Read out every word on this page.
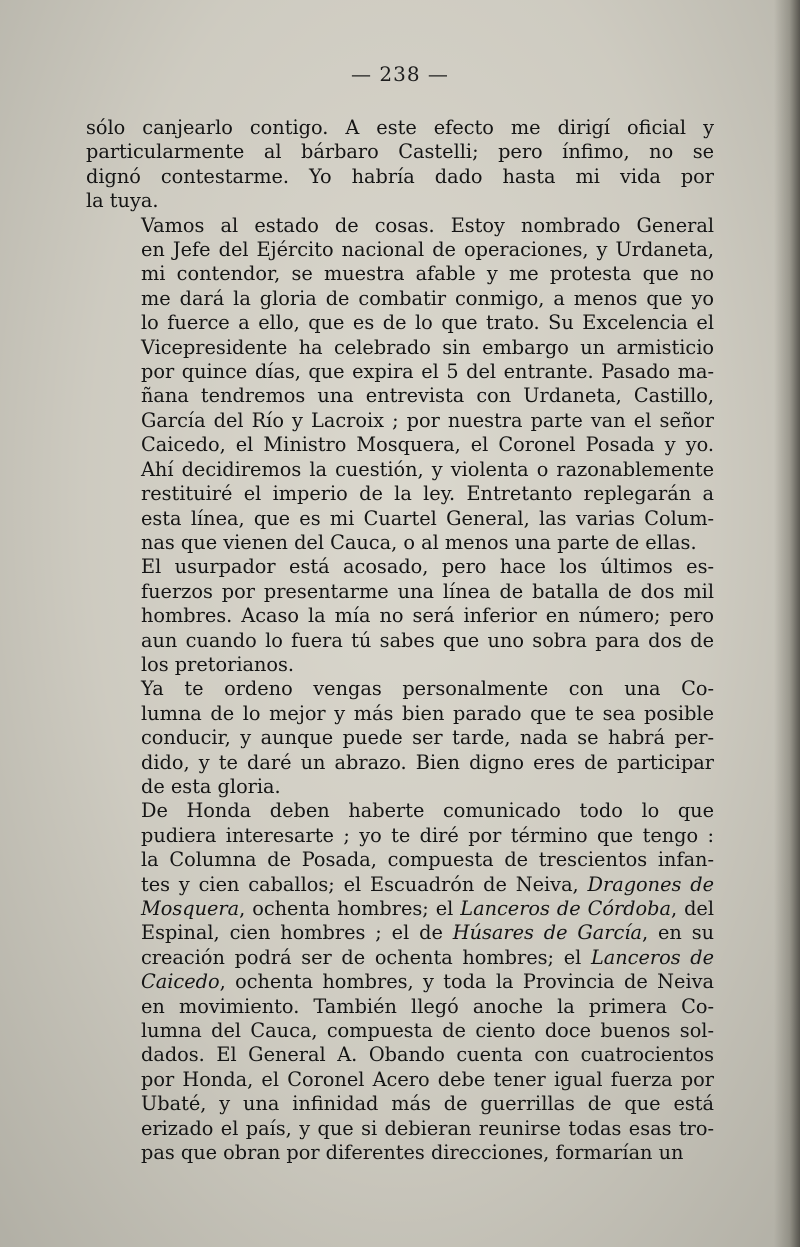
— 238 —

sólo canjearlo contigo. A este efecto me dirigí oficial y
particularmente al bárbaro Castelli; pero ínfimo, no se
dignó contestarme. Yo habría dado hasta mi vida por
la tuya.

Vamos al estado de cosas. Estoy nombrado General
en Jefe del Ejército nacional de operaciones, y Urdaneta,
mi contendor, se muestra afable y me protesta que no
me dará la gloria de combatir conmigo, a menos que yo
lo fuerce a ello, que es de lo que trato. Su Excelencia el
Vicepresidente ha celebrado sin embargo un armisticio
por quince días, que expira el 5 del entrante. Pasado ma-
ñana tendremos una entrevista con Urdaneta, Castillo,
García del Río y Lacroix ; por nuestra parte van el señor
Caicedo, el Ministro Mosquera, el Coronel Posada y yo.
Ahí decidiremos la cuestión, y violenta o razonablemente
restituiré el imperio de la ley. Entretanto replegarán a
esta línea, que es mi Cuartel General, las varias Colum-
nas que vienen del Cauca, o al menos una parte de ellas.

El usurpador está acosado, pero hace los últimos es-
fuerzos por presentarme una línea de batalla de dos mil
hombres. Acaso la mía no será inferior en número; pero
aun cuando lo fuera tú sabes que uno sobra para dos de
los pretorianos.

Ya te ordeno vengas personalmente con una Co-
lumna de lo mejor y más bien parado que te sea posible
conducir, y aunque puede ser tarde, nada se habrá per-
dido, y te daré un abrazo. Bien digno eres de participar
de esta gloria.

De Honda deben haberte comunicado todo lo que
pudiera interesarte ; yo te diré por término que tengo :
la Columna de Posada, compuesta de trescientos infan-
tes y cien caballos; el Escuadrón de Neiva, Dragones de
Mosquera, ochenta hombres; el Lanceros de Córdoba, del
Espinal, cien hombres ; el de Húsares de García, en su
creación podrá ser de ochenta hombres; el Lanceros de
Caicedo, ochenta hombres, y toda la Provincia de Neiva
en movimiento. También llegó anoche la primera Co-
lumna del Cauca, compuesta de ciento doce buenos sol-
dados. El General A. Obando cuenta con cuatrocientos
por Honda, el Coronel Acero debe tener igual fuerza por
Ubaté, y una infinidad más de guerrillas de que está
erizado el país, y que si debieran reunirse todas esas tro-
pas que obran por diferentes direcciones, formarían un
